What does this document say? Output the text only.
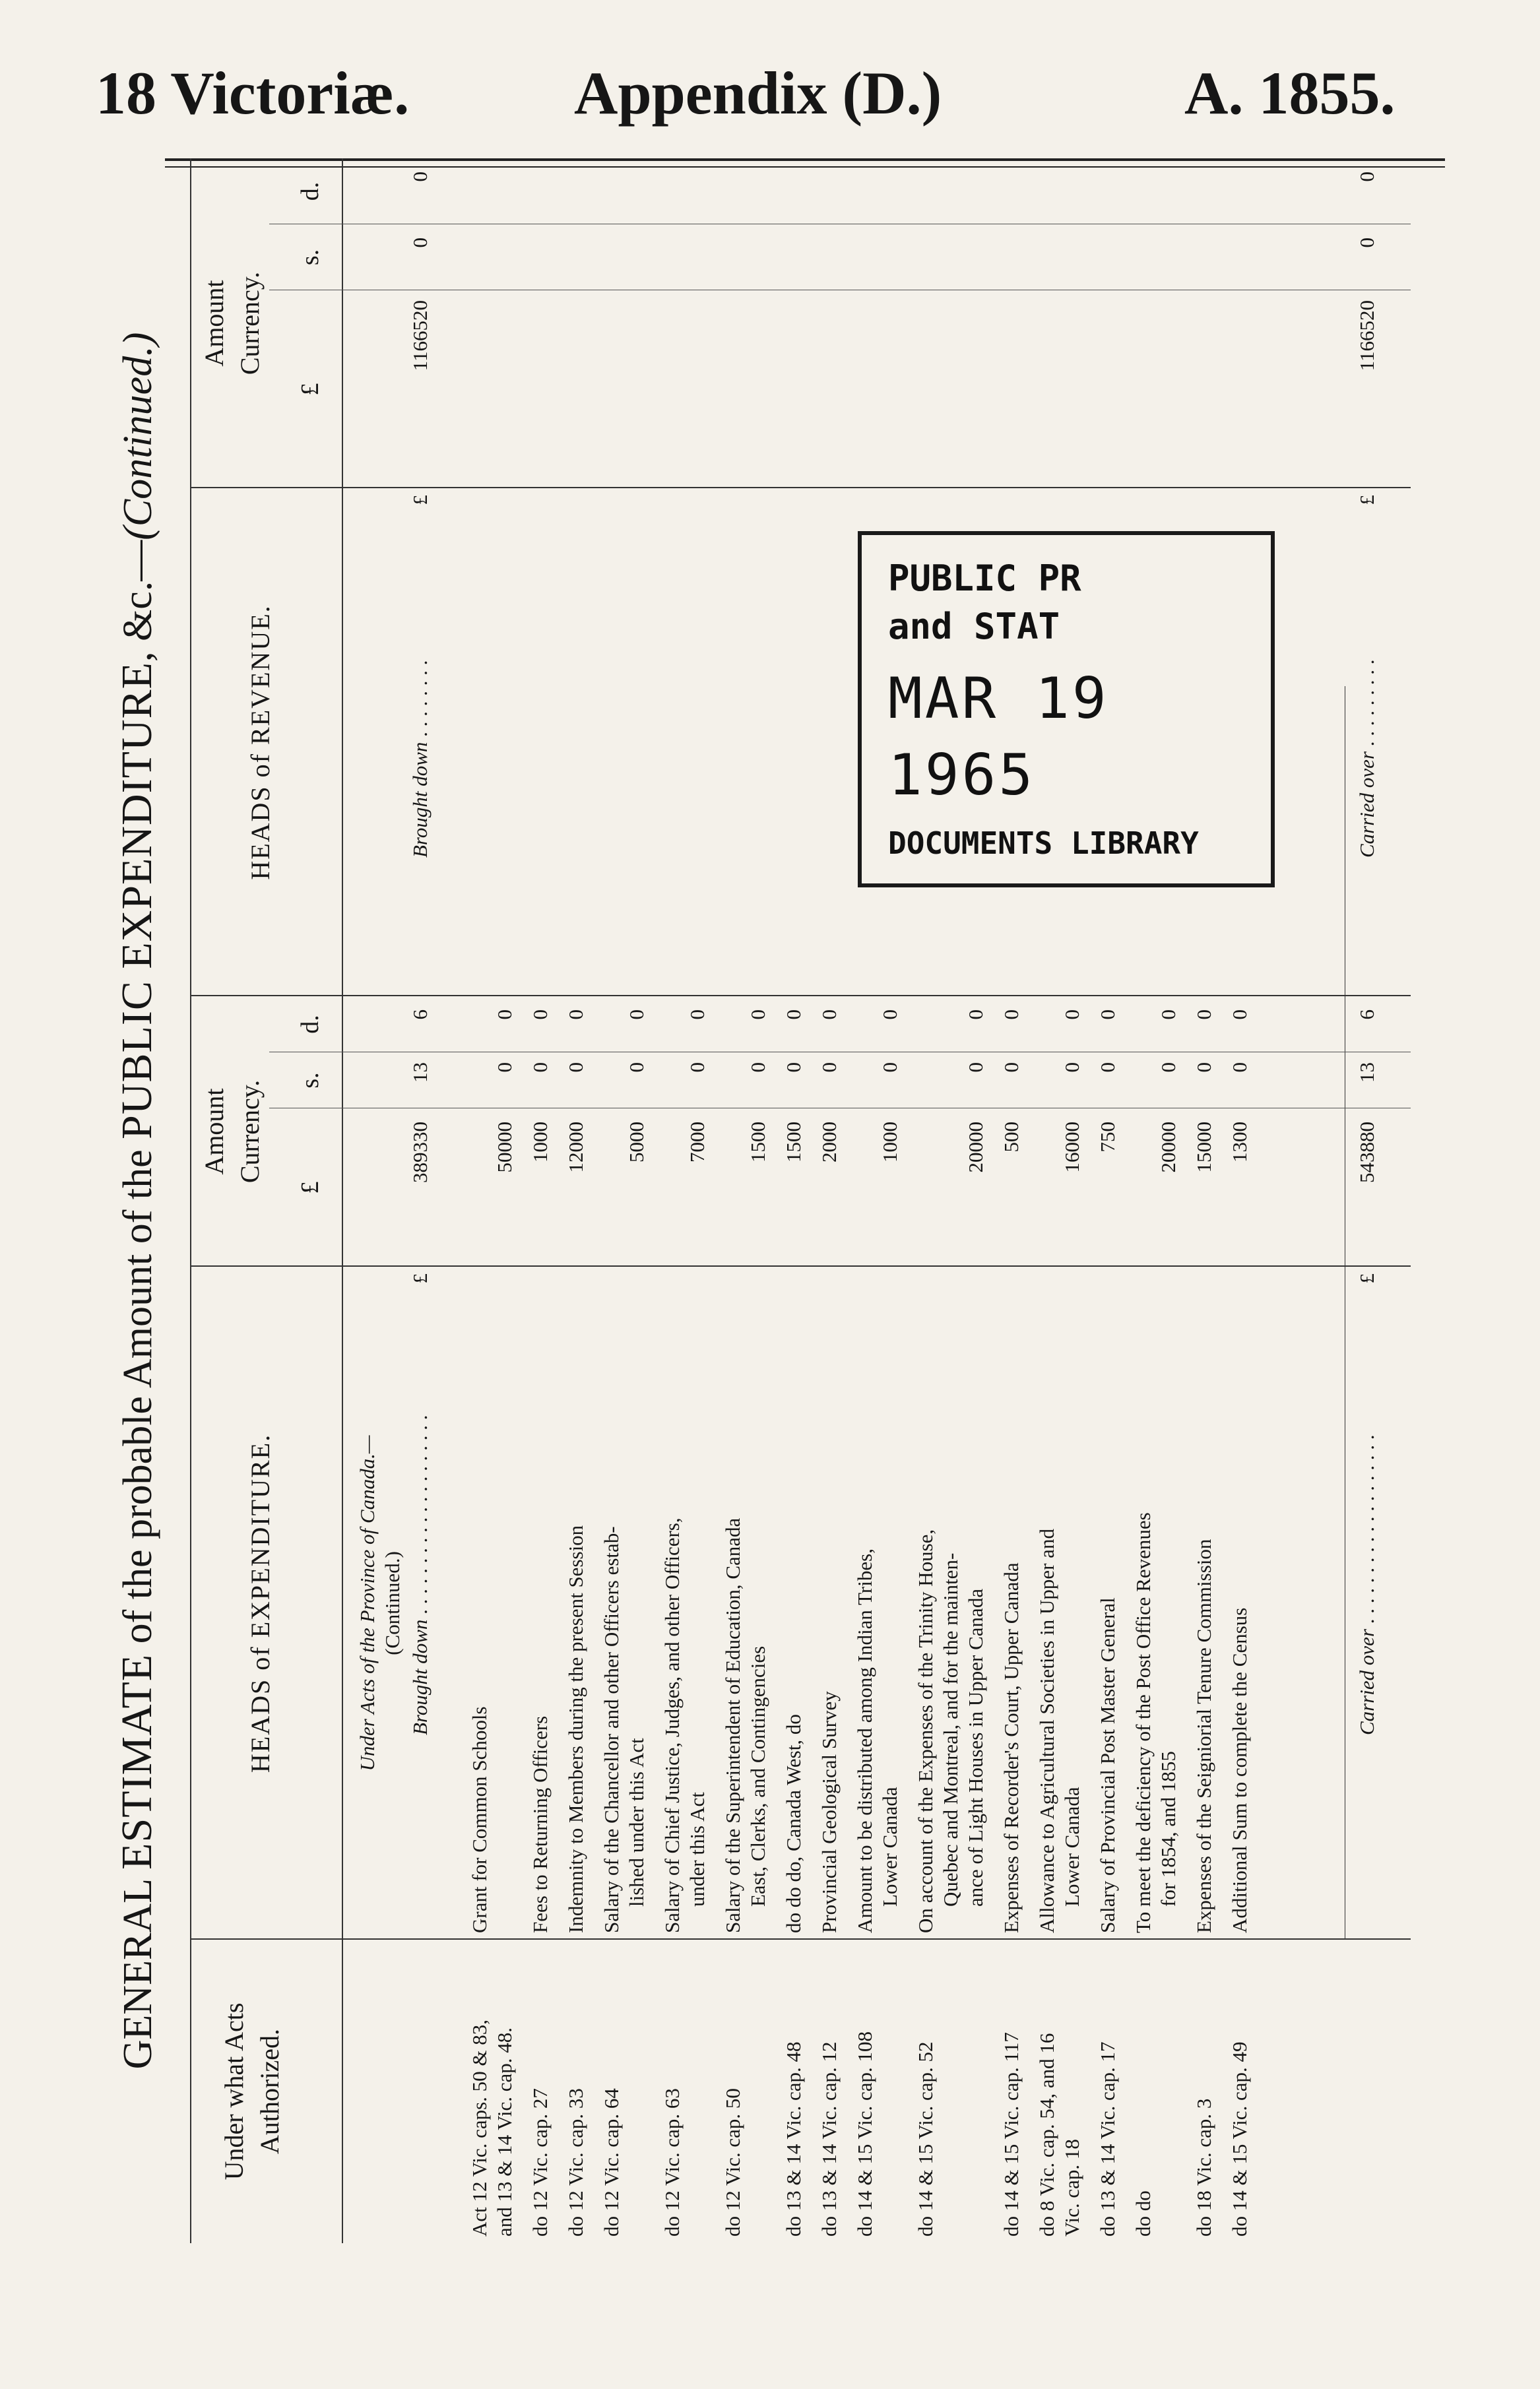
18 Victoriæ.	Appendix (D.)	A. 1855.
GENERAL ESTIMATE of the probable Amount of the PUBLIC EXPENDITURE, &c.—(Continued.)
Under what Acts Authorized.
HEADS of EXPENDITURE.
Amount Currency.
£
s.
d.
HEADS of REVENUE.
Amount Currency.
£
s.
d.
Under Acts of the Province of Canada.— (Continued.)
Brought down . . . . . . . . . . . . . . . . . . . .
£
389330
13
6
Carried over . . . . . . . . . . . . . . . . . . .
£
543880
13
6
Brought down . . . . . . . .
£
1166520
0
0
Carried over . . . . . . . . .
£
1166520
0
0
Act 12 Vic. caps. 50 & 83, and 13 & 14 Vic. cap. 48.
Grant for Common Schools
50000
0
0
do 12 Vic. cap. 27
Fees to Returning Officers
1000
0
0
do 12 Vic. cap. 33
Indemnity to Members during the present Session
12000
0
0
do 12 Vic. cap. 64
Salary of the Chancellor and other Officers estab- lished under this Act
5000
0
0
do 12 Vic. cap. 63
Salary of Chief Justice, Judges, and other Officers, under this Act
7000
0
0
do 12 Vic. cap. 50
Salary of the Superintendent of Education, Canada East, Clerks, and Contingencies
1500
0
0
do 13 & 14 Vic. cap. 48
do do do, Canada West, do
1500
0
0
do 13 & 14 Vic. cap. 12
Provincial Geological Survey
2000
0
0
do 14 & 15 Vic. cap. 108
Amount to be distributed among Indian Tribes, Lower Canada
1000
0
0
do 14 & 15 Vic. cap. 52
On account of the Expenses of the Trinity House, Quebec and Montreal, and for the mainten- ance of Light Houses in Upper Canada
20000
0
0
do 14 & 15 Vic. cap. 117
Expenses of Recorder's Court, Upper Canada
500
0
0
do 8 Vic. cap. 54, and 16 Vic. cap. 18
Allowance to Agricultural Societies in Upper and Lower Canada
16000
0
0
do 13 & 14 Vic. cap. 17
Salary of Provincial Post Master General
750
0
0
do do
To meet the deficiency of the Post Office Revenues for 1854, and 1855
20000
0
0
do 18 Vic. cap. 3
Expenses of the Seigniorial Tenure Commission
15000
0
0
do 14 & 15 Vic. cap. 49
Additional Sum to complete the Census
1300
0
0
PUBLIC PR
and STAT
MAR 19 1965
DOCUMENTS LIBRARY
